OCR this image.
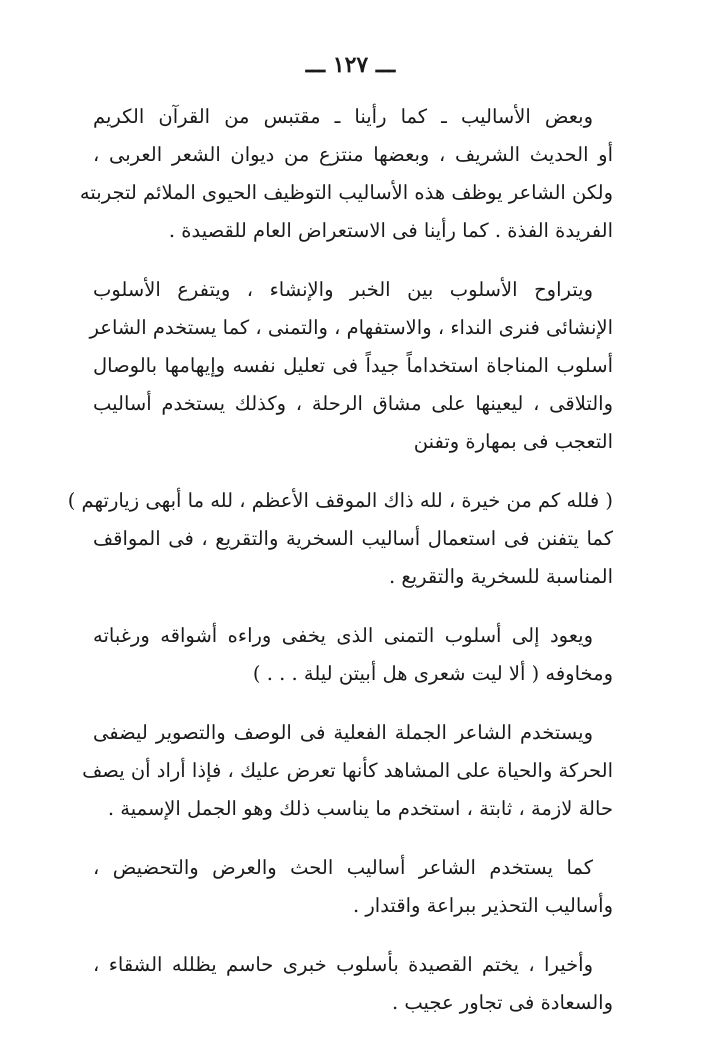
ـــ ۱۲۷ ـــ
وبعض الأساليب ـ كما رأينا ـ مقتبس من القرآن الكريم
أو الحديث الشريف ، وبعضها منتزع من ديوان الشعر العربى ،
ولكن الشاعر يوظف هذه الأساليب التوظيف الحيوى الملائم لتجربته
الفريدة الفذة . كما رأينا فى الاستعراض العام للقصيدة .
ويتراوح الأسلوب بين الخبر والإنشاء ، ويتفرع الأسلوب
الإنشائى فنرى النداء ، والاستفهام ، والتمنى ، كما يستخدم الشاعر
أسلوب المناجاة استخداماً جيداً فى تعليل نفسه وإيهامها بالوصال
والتلاقى ، ليعينها على مشاق الرحلة ، وكذلك يستخدم أساليب
التعجب فى بمهارة وتفنن
( فلله كم من خيرة ، لله ذاك الموقف الأعظم ، لله ما أبهى زيارتهم )
كما يتفنن فى استعمال أساليب السخرية والتقريع ، فى المواقف
المناسبة للسخرية والتقريع .
ويعود إلى أسلوب التمنى الذى يخفى وراءه أشواقه ورغباته
ومخاوفه ( ألا ليت شعرى هل أبيتن ليلة . . . )
ويستخدم الشاعر الجملة الفعلية فى الوصف والتصوير ليضفى
الحركة والحياة على المشاهد كأنها تعرض عليك ، فإذا أراد أن يصف
حالة لازمة ، ثابتة ، استخدم ما يناسب ذلك وهو الجمل الإسمية .
كما يستخدم الشاعر أساليب الحث والعرض والتحضيض ،
وأساليب التحذير ببراعة واقتدار .
وأخيرا ، يختم القصيدة بأسلوب خبرى حاسم يظلله الشقاء ،
والسعادة فى تجاور عجيب .
